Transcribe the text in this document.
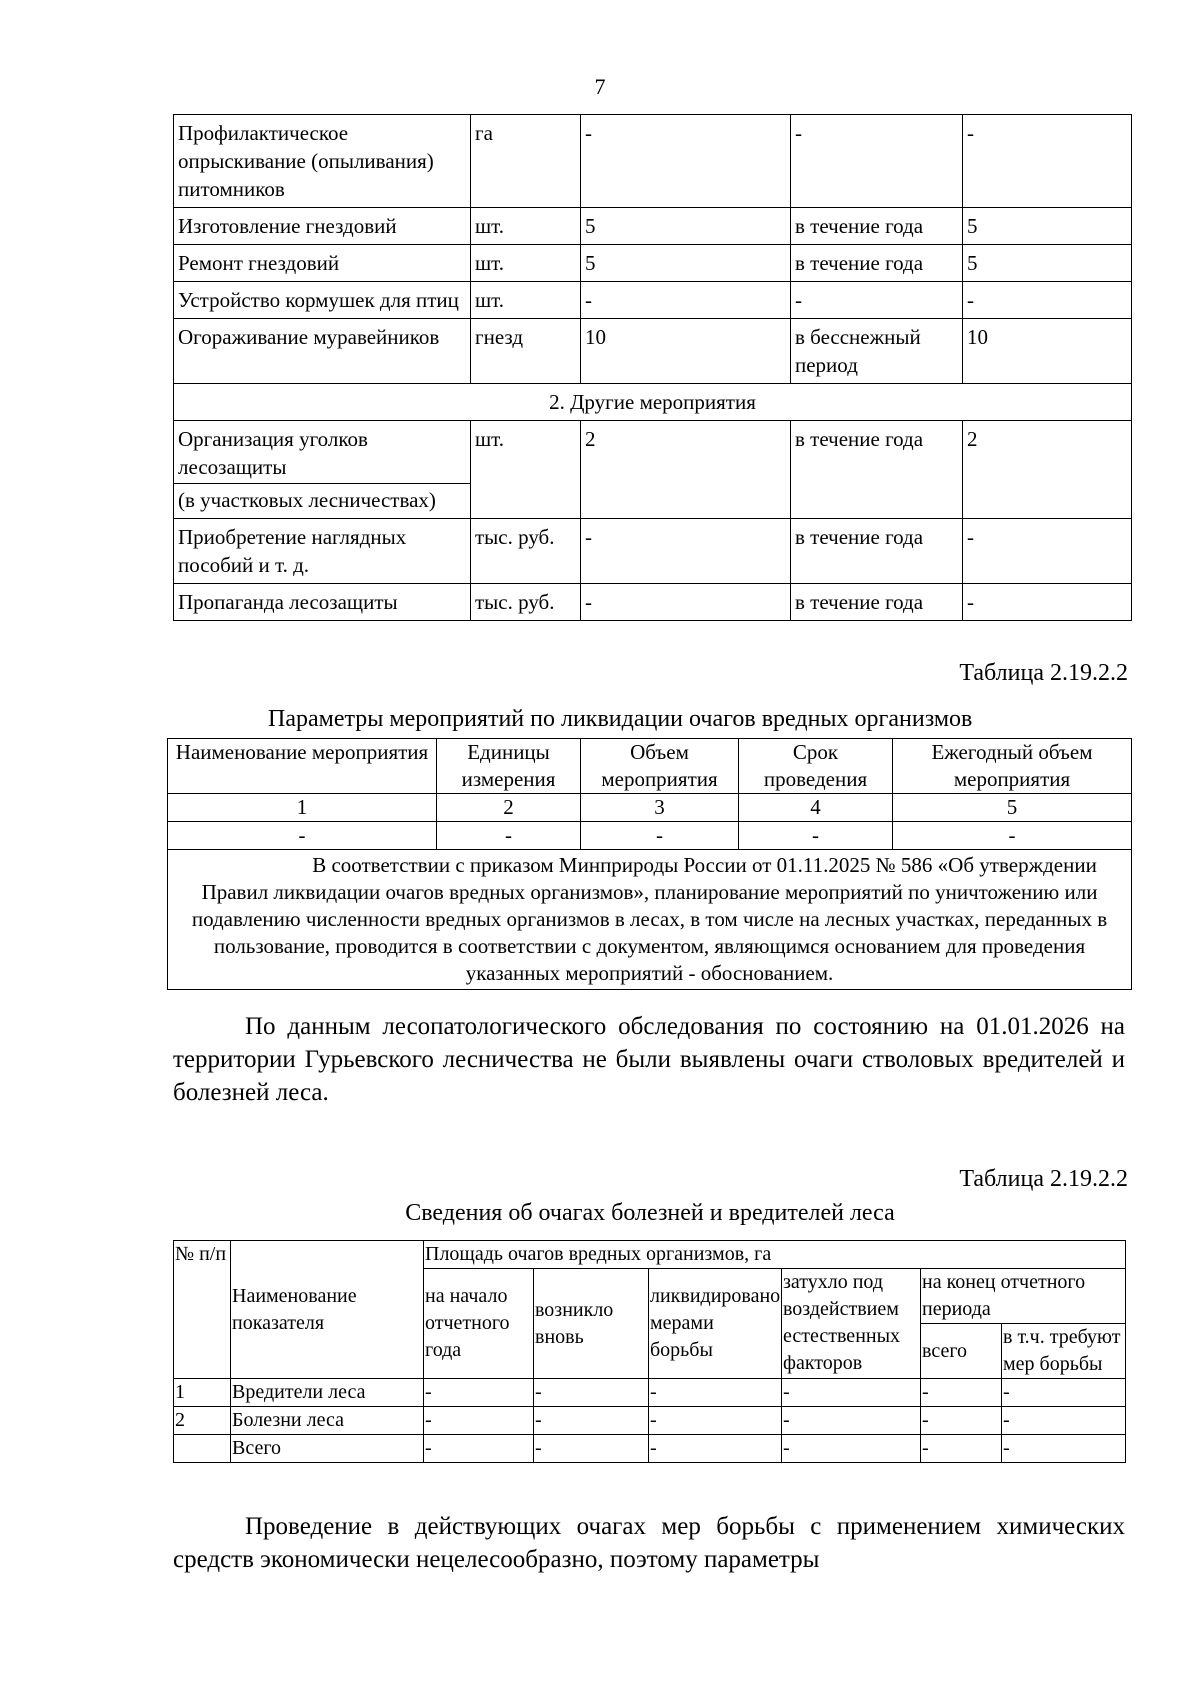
7
Профилактическое опрыскивание (опыливания) питомников	га	-	-	-
Изготовление гнездовий	шт.	5	в течение года	5
Ремонт гнездовий	шт.	5	в течение года	5
Устройство кормушек для птиц	шт.	-	-	-
Огораживание муравейников	гнезд	10	в бесснежный период	10
2. Другие мероприятия				

Организация уголков лесозащиты
(в участковых лесничествах)	шт.	2	в течение года	2
Приобретение наглядных пособий и т. д.	тыс. руб.	-	в течение года	-
Пропаганда лесозащиты	тыс. руб.	-	в течение года	-
Таблица 2.19.2.2
Параметры мероприятий по ликвидации очагов вредных организмов
Наименование мероприятия	Единицы измерения	Объем мероприятия	Срок проведения	Ежегодный объем мероприятия
1	2	3	4	5
-	-	-	-	-
В соответствии с приказом Минприроды России от 01.11.2025 № 586 «Об утверждении Правил ликвидации очагов вредных организмов», планирование мероприятий по уничтожению или подавлению численности вредных организмов в лесах, в том числе на лесных участках, переданных в пользование, проводится в соответствии с документом, являющимся основанием для проведения указанных мероприятий - обоснованием.				
По данным лесопатологического обследования по состоянию на 01.01.2026 на территории Гурьевского лесничества не были выявлены очаги стволовых вредителей и болезней леса.
Таблица 2.19.2.2
Сведения об очагах болезней и вредителей леса
№ п/п	Наименование показателя	Площадь очагов вредных организмов, га					
		на начало отчетного года	возникло вновь	ликвидировано мерами борьбы	затухло под воздействием естественных факторов	на конец отчетного периода	
						всего	в т.ч. требуют мер борьбы
1	Вредители леса	-	-	-	-	-	-
2	Болезни леса	-	-	-	-	-	-
	Всего	-	-	-	-	-	-
Проведение в действующих очагах мер борьбы с применением химических средств экономически нецелесообразно, поэтому параметры
